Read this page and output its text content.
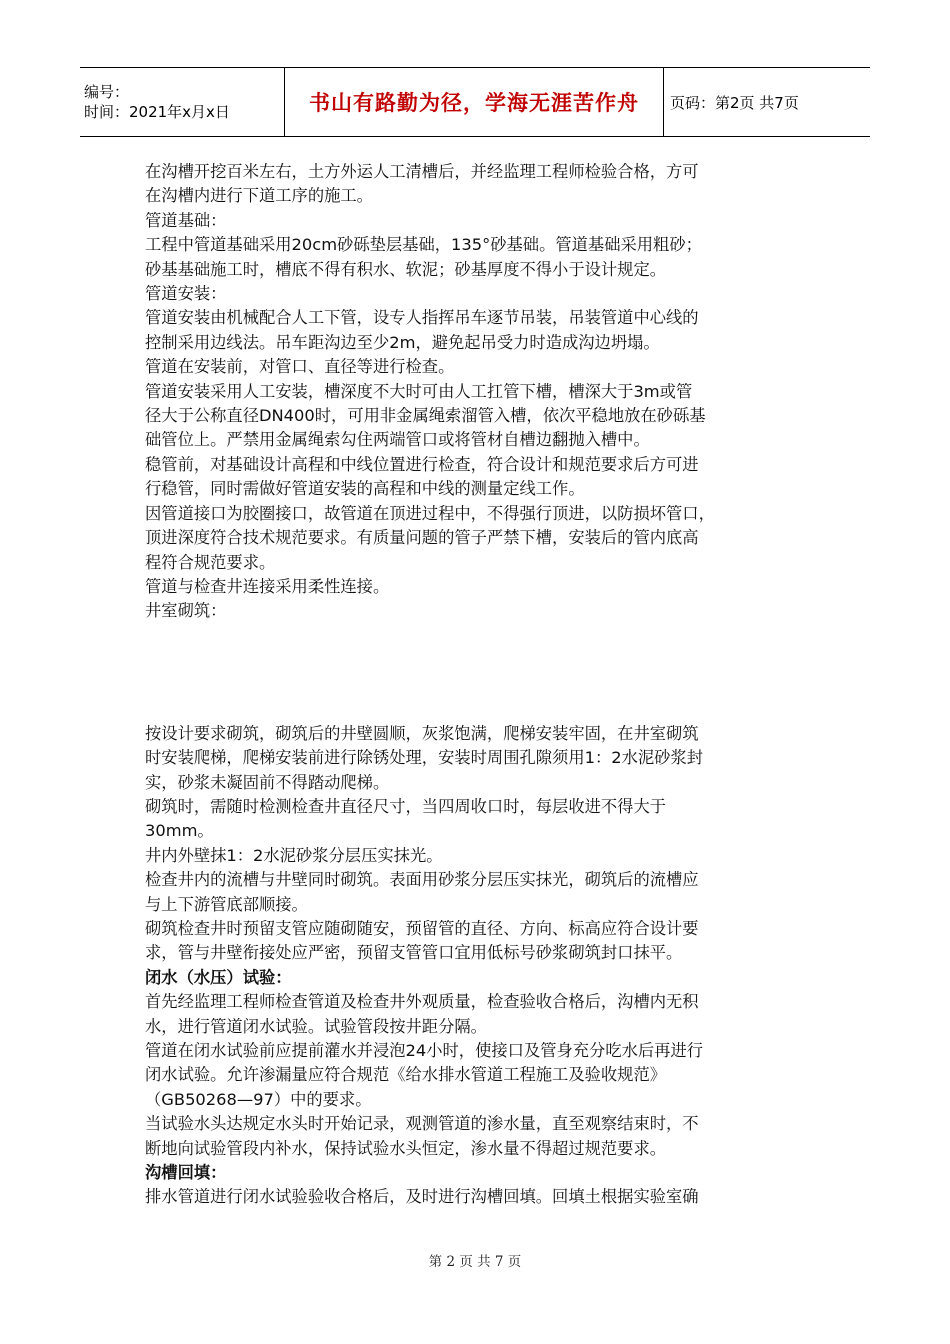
编号：
时间：2021年x月x日	书山有路勤为径，学海无涯苦作舟 页码：第2页 共7页

在沟槽开挖百米左右，土方外运人工清槽后，并经监理工程师检验合格，方可

在沟槽内进行下道工序的施工。

管道基础：

工程中管道基础采用20cm砂砾垫层基础，135°砂基础。管道基础采用粗砂；

砂基基础施工时，槽底不得有积水、软泥；砂基厚度不得小于设计规定。

管道安装：

管道安装由机械配合人工下管，设专人指挥吊车逐节吊装，吊装管道中心线的

控制采用边线法。吊车距沟边至少2m，避免起吊受力时造成沟边坍塌。

管道在安装前，对管口、直径等进行检查。

管道安装采用人工安装，槽深度不大时可由人工扛管下槽，槽深大于3m或管

径大于公称直径DN400时，可用非金属绳索溜管入槽，依次平稳地放在砂砾基

础管位上。严禁用金属绳索勾住两端管口或将管材自槽边翻抛入槽中。

稳管前，对基础设计高程和中线位置进行检查，符合设计和规范要求后方可进

行稳管，同时需做好管道安装的高程和中线的测量定线工作。

因管道接口为胶圈接口，故管道在顶进过程中，不得强行顶进，以防损坏管口，

顶进深度符合技术规范要求。有质量问题的管子严禁下槽，安装后的管内底高

程符合规范要求。

管道与检查井连接采用柔性连接。

井室砌筑：

按设计要求砌筑，砌筑后的井壁圆顺，灰浆饱满，爬梯安装牢固，在井室砌筑

时安装爬梯，爬梯安装前进行除锈处理，安装时周围孔隙须用1：2水泥砂浆封

实，砂浆未凝固前不得踏动爬梯。

砌筑时，需随时检测检查井直径尺寸，当四周收口时，每层收进不得大于

30mm。

井内外壁抹1：2水泥砂浆分层压实抹光。

检查井内的流槽与井壁同时砌筑。表面用砂浆分层压实抹光，砌筑后的流槽应

与上下游管底部顺接。

砌筑检查井时预留支管应随砌随安，预留管的直径、方向、标高应符合设计要

求，管与井壁衔接处应严密，预留支管管口宜用低标号砂浆砌筑封口抹平。

闭水（水压）试验：

首先经监理工程师检查管道及检查井外观质量，检查验收合格后，沟槽内无积

水，进行管道闭水试验。试验管段按井距分隔。

管道在闭水试验前应提前灌水并浸泡24小时，使接口及管身充分吃水后再进行

闭水试验。允许渗漏量应符合规范《给水排水管道工程施工及验收规范》

（GB50268—97）中的要求。

当试验水头达规定水头时开始记录，观测管道的渗水量，直至观察结束时，不

断地向试验管段内补水，保持试验水头恒定，渗水量不得超过规范要求。

沟槽回填：

排水管道进行闭水试验验收合格后，及时进行沟槽回填。回填土根据实验室确

第 2 页 共 7 页
